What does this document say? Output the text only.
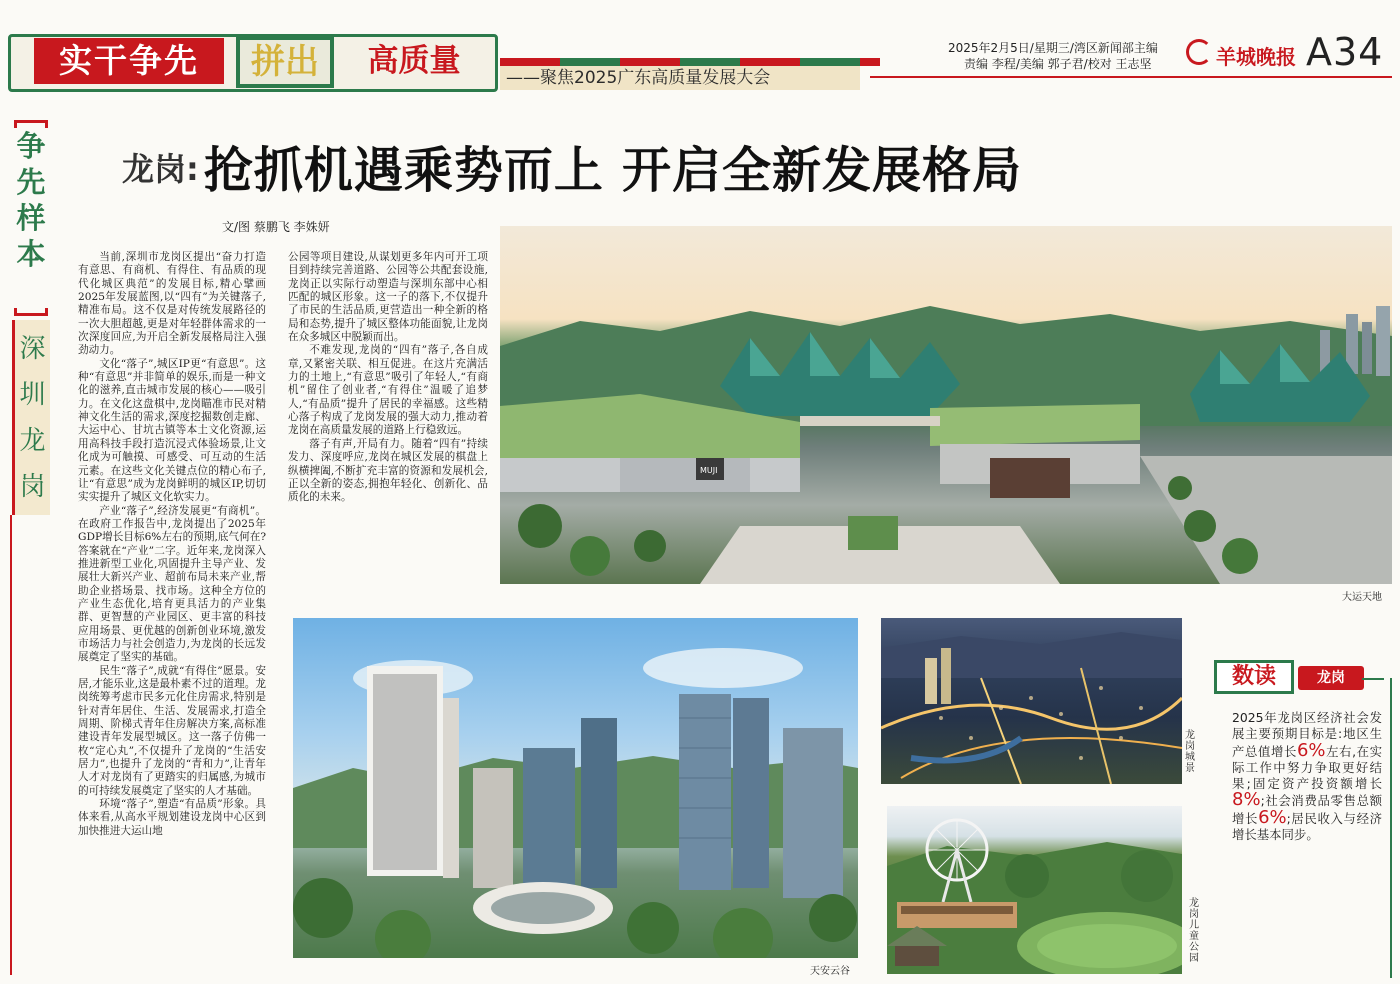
实干争先	拼出	高质量	——聚焦2025广东高质量发展大会
2025年2月5日/星期三/湾区新闻部主编
责编 李程/美编 郭子君/校对 王志坚	羊城晚报 A34
争
先
样
本
深
圳
龙
岗
龙岗: 抢抓机遇乘势而上 开启全新发展格局
文/图 蔡鹏飞 李姝妍

当前,深圳市龙岗区提出“奋力打造有意思、有商机、有得住、有品质的现代化城区典范”的发展目标,精心擘画2025年发展蓝图,以“四有”为关键落子,精准布局。这不仅是对传统发展路径的一次大胆超越,更是对年轻群体需求的一次深度回应,为开启全新发展格局注入强劲动力。

文化“落子”,城区IP更“有意思”。这种“有意思”并非简单的娱乐,而是一种文化的滋养,直击城市发展的核心——吸引力。在文化这盘棋中,龙岗瞄准市民对精神文化生活的需求,深度挖掘数创走廊、大运中心、甘坑古镇等本土文化资源,运用高科技手段打造沉浸式体验场景,让文化成为可触摸、可感受、可互动的生活元素。在这些文化关键点位的精心布子,让“有意思”成为龙岗鲜明的城区IP,切切实实提升了城区文化软实力。

产业“落子”,经济发展更“有商机”。在政府工作报告中,龙岗提出了2025年GDP增长目标6%左右的预期,底气何在?答案就在“产业”二字。近年来,龙岗深入推进新型工业化,巩固提升主导产业、发展壮大新兴产业、超前布局未来产业,帮助企业搭场景、找市场。这种全方位的产业生态优化,培育更具活力的产业集群、更智慧的产业园区、更丰富的科技应用场景、更优越的创新创业环境,激发市场活力与社会创造力,为龙岗的长远发展奠定了坚实的基础。

民生“落子”,成就“有得住”愿景。安居,才能乐业,这是最朴素不过的道理。龙岗统筹考虑市民多元化住房需求,特别是针对青年居住、生活、发展需求,打造全周期、阶梯式青年住房解决方案,高标准建设青年发展型城区。这一落子仿佛一枚“定心丸”,不仅提升了龙岗的“生活安居力”,也提升了龙岗的“青和力”,让青年人才对龙岗有了更踏实的归属感,为城市的可持续发展奠定了坚实的人才基础。

环境“落子”,塑造“有品质”形象。具体来看,从高水平规划建设龙岗中心区到加快推进大运山地

公园等项目建设,从谋划更多年内可开工项目到持续完善道路、公园等公共配套设施,龙岗正以实际行动塑造与深圳东部中心相匹配的城区形象。这一子的落下,不仅提升了市民的生活品质,更营造出一种全新的格局和态势,提升了城区整体功能面貌,让龙岗在众多城区中脱颖而出。

不难发现,龙岗的“四有”落子,各自成章,又紧密关联、相互促进。在这片充满活力的土地上,“有意思”吸引了年轻人,“有商机”留住了创业者,“有得住”温暖了追梦人,“有品质”提升了居民的幸福感。这些精心落子构成了龙岗发展的强大动力,推动着龙岗在高质量发展的道路上行稳致远。

落子有声,开局有力。随着“四有”持续发力、深度呼应,龙岗在城区发展的棋盘上纵横捭阖,不断扩充丰富的资源和发展机会,正以全新的姿态,拥抱年轻化、创新化、品质化的未来。

MUJI
大运天地
天安云谷
龙岗城景
龙岗儿童公园
数读	龙岗
2025年龙岗区经济社会发展主要预期目标是:地区生产总值增长6%左右,在实际工作中努力争取更好结果;固定资产投资额增长8%;社会消费品零售总额增长6%;居民收入与经济增长基本同步。
